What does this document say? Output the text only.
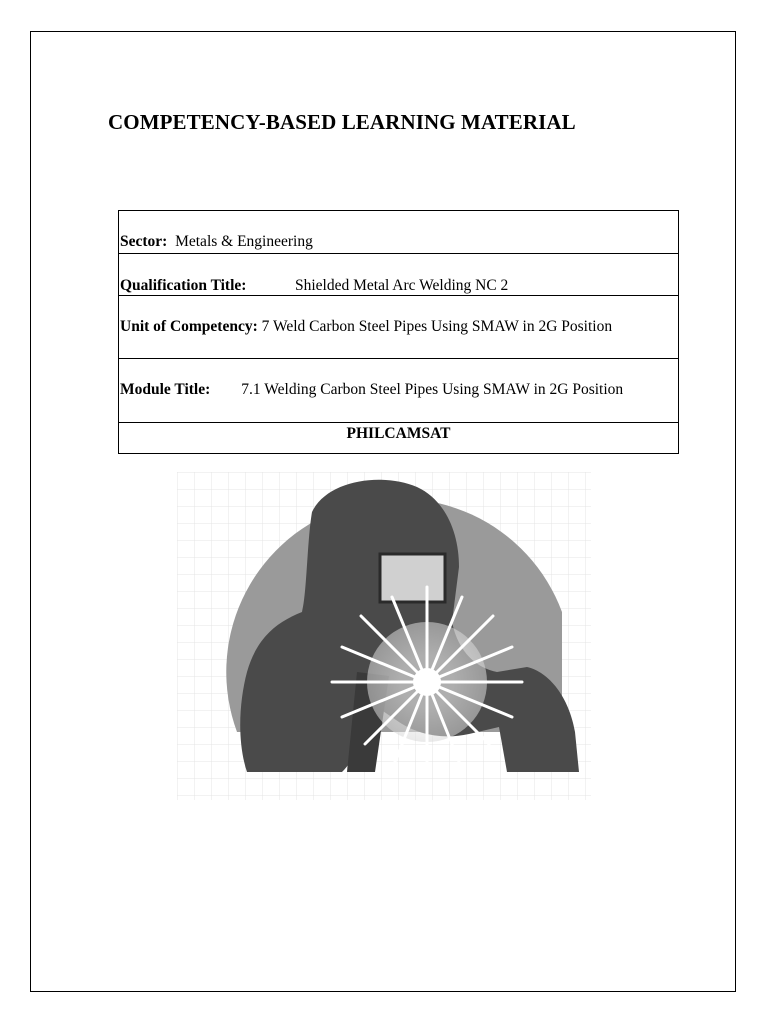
COMPETENCY-BASED LEARNING MATERIAL
Sector: Metals & Engineering
Qualification Title:	Shielded Metal Arc Welding NC 2
Unit of Competency: 7 Weld Carbon Steel Pipes Using SMAW in 2G Position
Module Title: 7.1 Welding Carbon Steel Pipes Using SMAW in 2G Position
PHILCAMSAT
